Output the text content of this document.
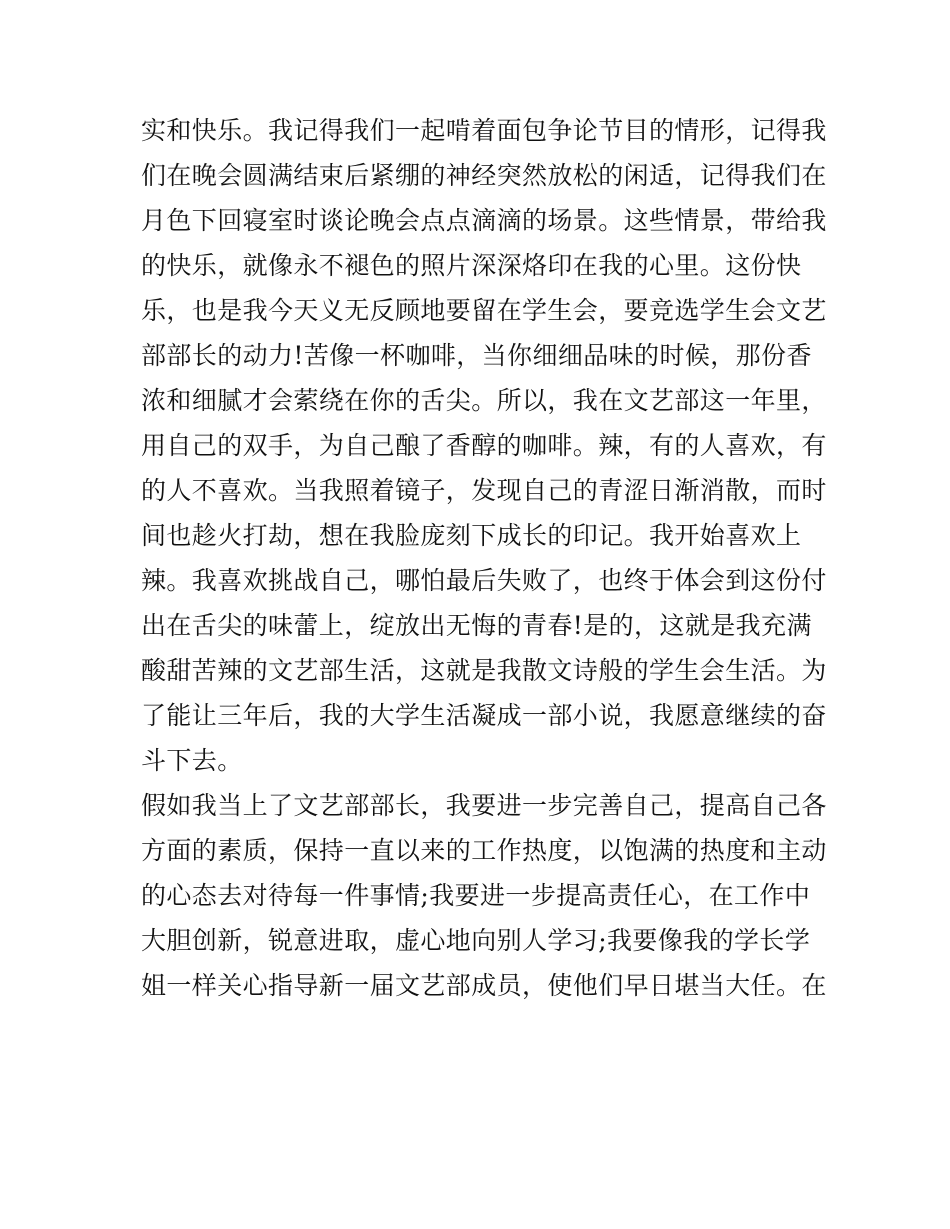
实和快乐。我记得我们一起啃着面包争论节目的情形，记得我
们在晚会圆满结束后紧绷的神经突然放松的闲适，记得我们在
月色下回寝室时谈论晚会点点滴滴的场景。这些情景，带给我
的快乐，就像永不褪色的照片深深烙印在我的心里。这份快
乐，也是我今天义无反顾地要留在学生会，要竞选学生会文艺
部部长的动力!苦像一杯咖啡，当你细细品味的时候，那份香
浓和细腻才会萦绕在你的舌尖。所以，我在文艺部这一年里，
用自己的双手，为自己酿了香醇的咖啡。辣，有的人喜欢，有
的人不喜欢。当我照着镜子，发现自己的青涩日渐消散，而时
间也趁火打劫，想在我脸庞刻下成长的印记。我开始喜欢上
辣。我喜欢挑战自己，哪怕最后失败了，也终于体会到这份付
出在舌尖的味蕾上，绽放出无悔的青春!是的，这就是我充满
酸甜苦辣的文艺部生活，这就是我散文诗般的学生会生活。为
了能让三年后，我的大学生活凝成一部小说，我愿意继续的奋
斗下去。
假如我当上了文艺部部长，我要进一步完善自己，提高自己各
方面的素质，保持一直以来的工作热度，以饱满的热度和主动
的心态去对待每一件事情;我要进一步提高责任心，在工作中
大胆创新，锐意进取，虚心地向别人学习;我要像我的学长学
姐一样关心指导新一届文艺部成员，使他们早日堪当大任。在
